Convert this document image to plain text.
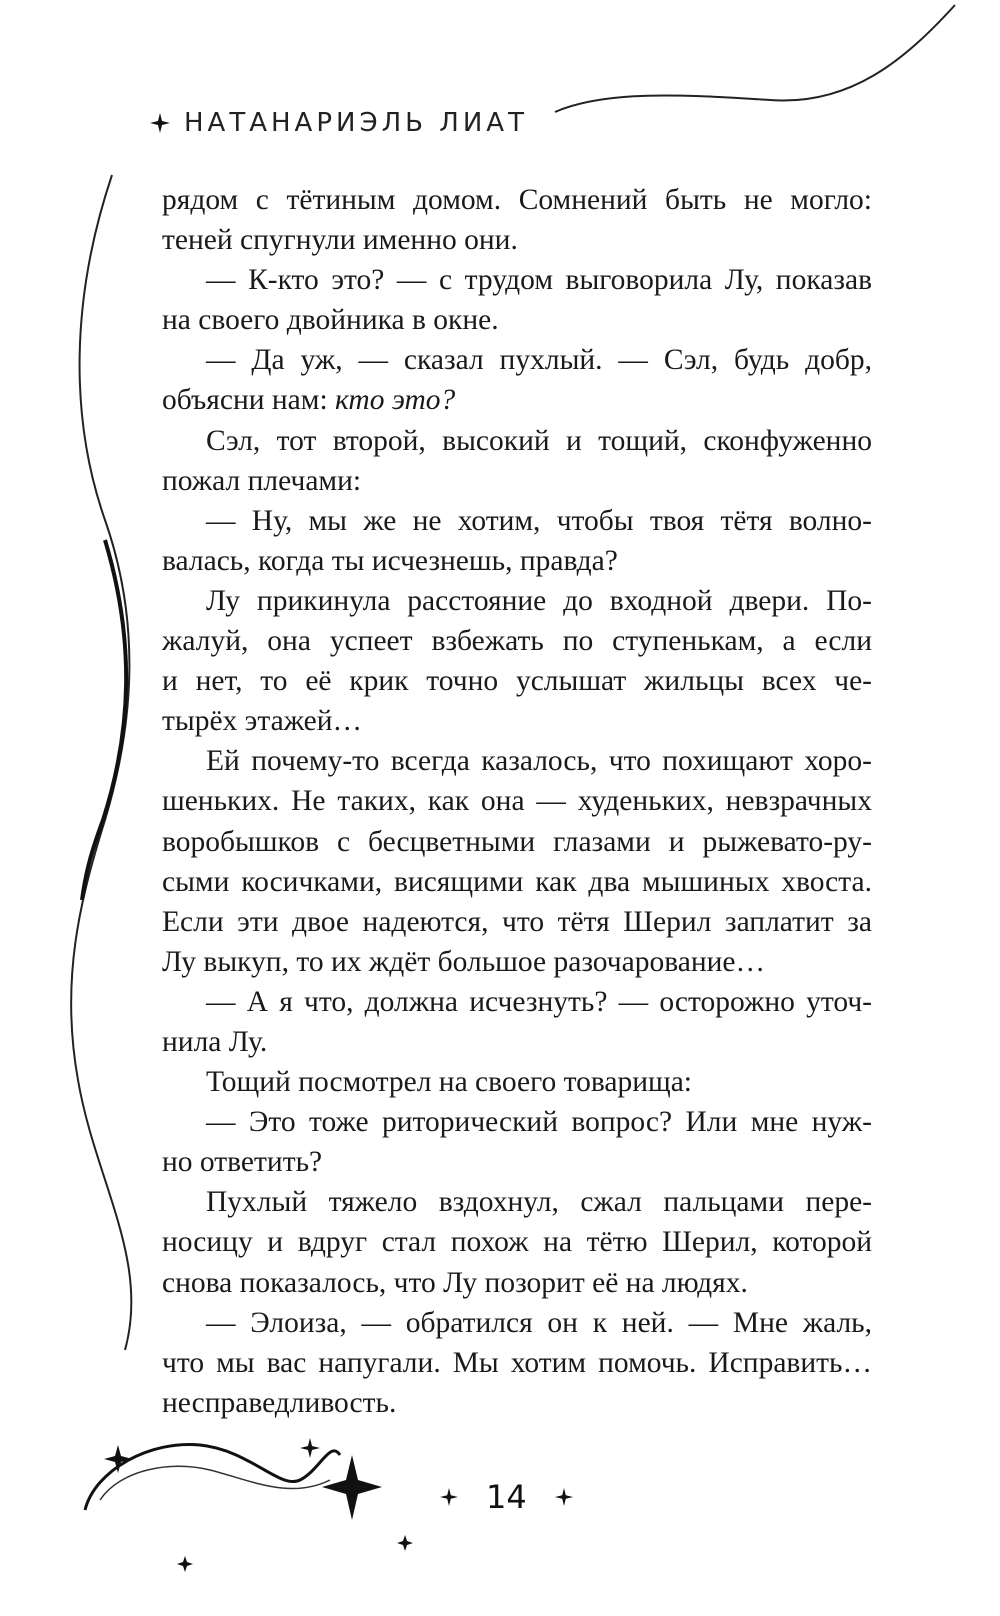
НАТАНАРИЭЛЬ ЛИАТ
рядом с тётиным домом. Сомнений быть не могло:
теней спугнули именно они.
— К-кто это? — с трудом выговорила Лу, показав
на своего двойника в окне.
— Да уж, — сказал пухлый. — Сэл, будь добр,
объясни нам: кто это?
Сэл, тот второй, высокий и тощий, сконфуженно
пожал плечами:
— Ну, мы же не хотим, чтобы твоя тётя волно-
валась, когда ты исчезнешь, правда?
Лу прикинула расстояние до входной двери. По-
жалуй, она успеет взбежать по ступенькам, а если
и нет, то её крик точно услышат жильцы всех че-
тырёх этажей…
Ей почему-то всегда казалось, что похищают хоро-
шеньких. Не таких, как она — худеньких, невзрачных
воробышков с бесцветными глазами и рыжевато-ру-
сыми косичками, висящими как два мышиных хвоста.
Если эти двое надеются, что тётя Шерил заплатит за
Лу выкуп, то их ждёт большое разочарование…
— А я что, должна исчезнуть? — осторожно уточ-
нила Лу.
Тощий посмотрел на своего товарища:
— Это тоже риторический вопрос? Или мне нуж-
но ответить?
Пухлый тяжело вздохнул, сжал пальцами пере-
носицу и вдруг стал похож на тётю Шерил, которой
снова показалось, что Лу позорит её на людях.
— Элоиза, — обратился он к ней. — Мне жаль,
что мы вас напугали. Мы хотим помочь. Исправить…
несправедливость.
14
